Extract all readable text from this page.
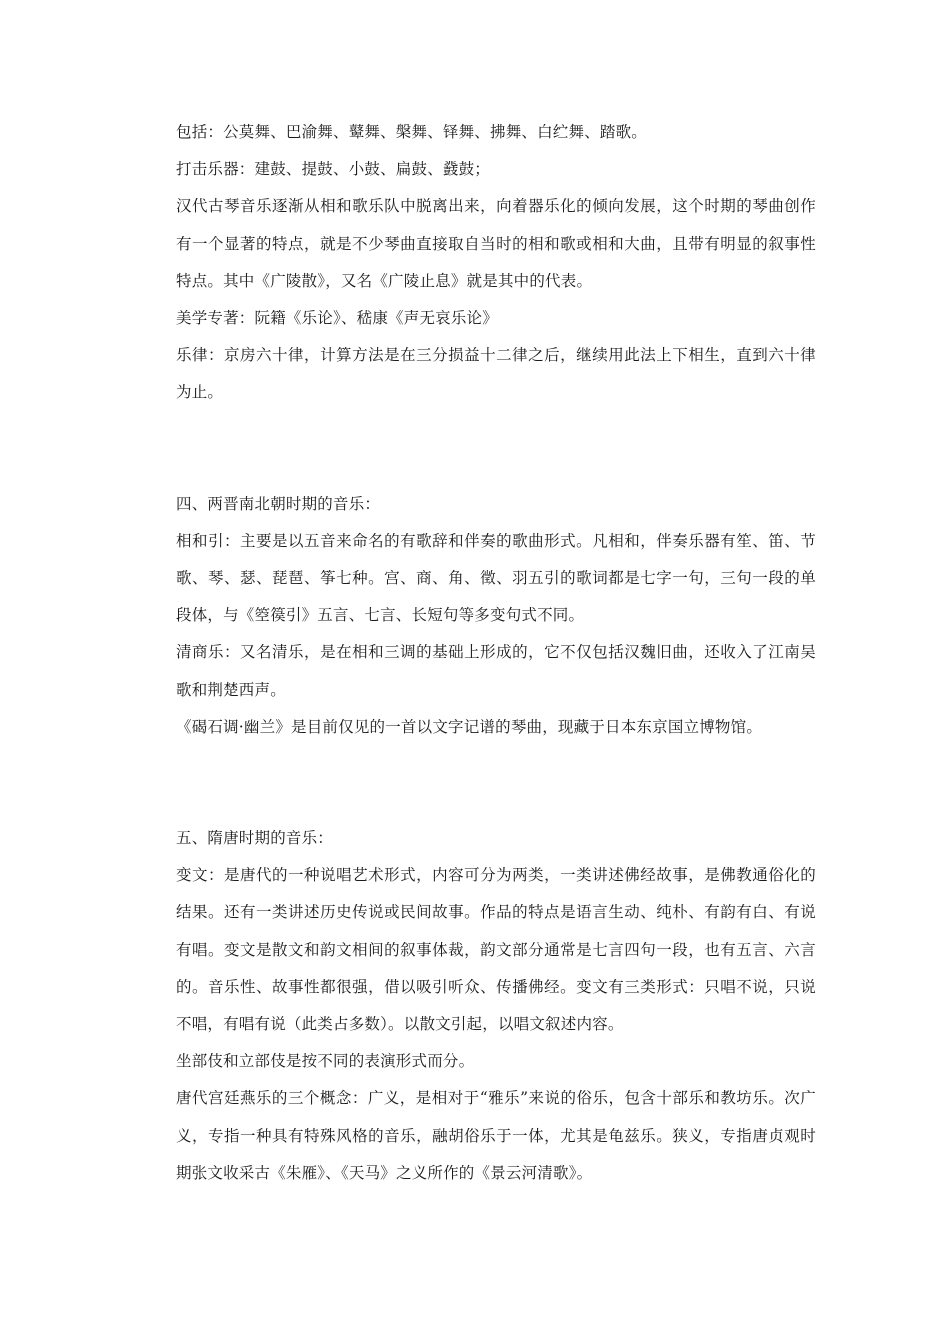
包括：公莫舞、巴渝舞、鼙舞、槃舞、铎舞、拂舞、白纻舞、踏歌。

打击乐器：建鼓、提鼓、小鼓、扁鼓、鼗鼓；

汉代古琴音乐逐渐从相和歌乐队中脱离出来，向着器乐化的倾向发展，这个时期的琴曲创作有一个显著的特点，就是不少琴曲直接取自当时的相和歌或相和大曲，且带有明显的叙事性特点。其中《广陵散》，又名《广陵止息》就是其中的代表。

美学专著：阮籍《乐论》、嵇康《声无哀乐论》

乐律：京房六十律，计算方法是在三分损益十二律之后，继续用此法上下相生，直到六十律为止。

四、两晋南北朝时期的音乐：

相和引：主要是以五音来命名的有歌辞和伴奏的歌曲形式。凡相和，伴奏乐器有笙、笛、节歌、琴、瑟、琵琶、筝七种。宫、商、角、徵、羽五引的歌词都是七字一句，三句一段的单段体，与《箜篌引》五言、七言、长短句等多变句式不同。

清商乐：又名清乐，是在相和三调的基础上形成的，它不仅包括汉魏旧曲，还收入了江南吴歌和荆楚西声。

《碣石调·幽兰》是目前仅见的一首以文字记谱的琴曲，现藏于日本东京国立博物馆。

五、隋唐时期的音乐：

变文：是唐代的一种说唱艺术形式，内容可分为两类，一类讲述佛经故事，是佛教通俗化的结果。还有一类讲述历史传说或民间故事。作品的特点是语言生动、纯朴、有韵有白、有说有唱。变文是散文和韵文相间的叙事体裁，韵文部分通常是七言四句一段，也有五言、六言的。音乐性、故事性都很强，借以吸引听众、传播佛经。变文有三类形式：只唱不说，只说不唱，有唱有说（此类占多数）。以散文引起，以唱文叙述内容。

坐部伎和立部伎是按不同的表演形式而分。

唐代宫廷燕乐的三个概念：广义，是相对于“雅乐”来说的俗乐，包含十部乐和教坊乐。次广义，专指一种具有特殊风格的音乐，融胡俗乐于一体，尤其是龟兹乐。狭义，专指唐贞观时期张文收采古《朱雁》、《天马》之义所作的《景云河清歌》。
